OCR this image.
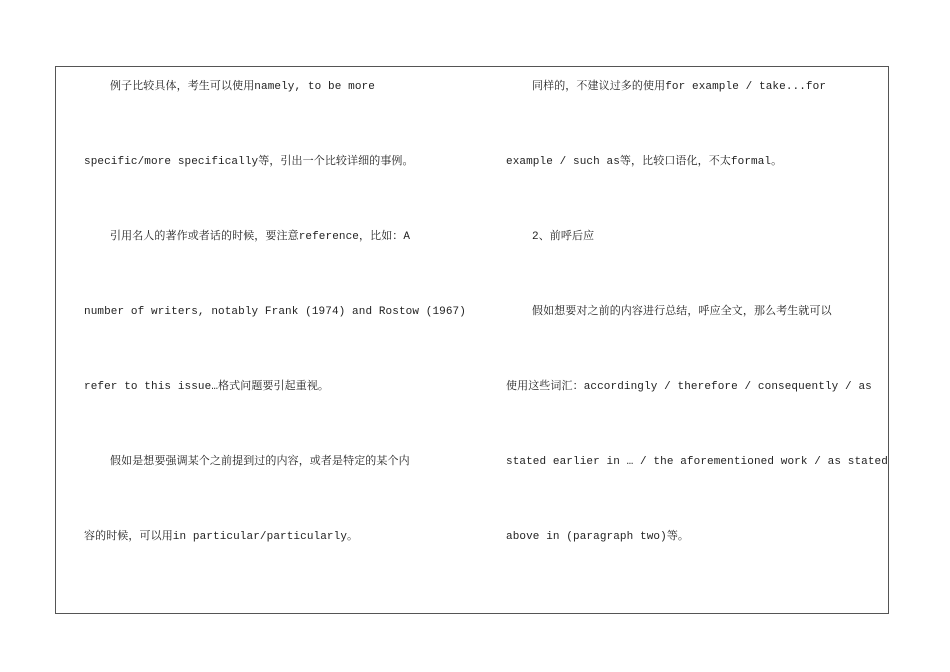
例子比较具体，考生可以使用namely, to be more
specific/more specifically等，引出一个比较详细的事例。
引用名人的著作或者话的时候，要注意reference，比如：A
number of writers, notably Frank (1974) and Rostow (1967)
refer to this issue…格式问题要引起重视。
假如是想要强调某个之前提到过的内容，或者是特定的某个内
容的时候，可以用in particular/particularly。
同样的，不建议过多的使用for example / take...for
example / such as等，比较口语化，不太formal。
2、前呼后应
假如想要对之前的内容进行总结，呼应全文，那么考生就可以
使用这些词汇：accordingly / therefore / consequently / as
stated earlier in … / the aforementioned work / as stated
above in (paragraph two)等。
